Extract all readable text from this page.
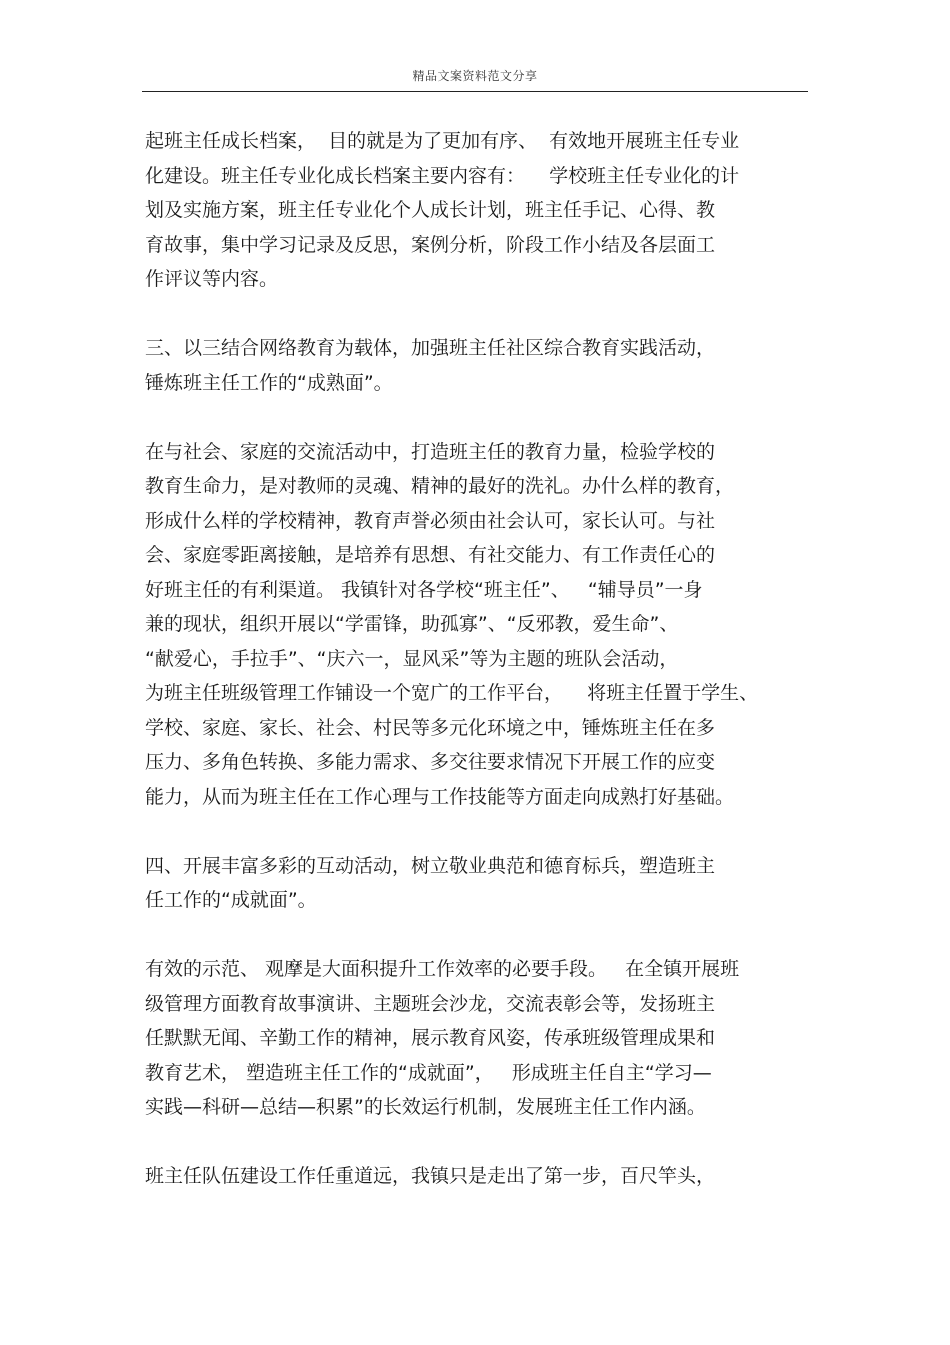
精品文案资料范文分享
起班主任成长档案，  目的就是为了更加有序、  有效地开展班主任专业
化建设。班主任专业化成长档案主要内容有：    学校班主任专业化的计
划及实施方案，班主任专业化个人成长计划，班主任手记、心得、教
育故事，集中学习记录及反思，案例分析，阶段工作小结及各层面工
作评议等内容。
三、以三结合网络教育为载体，加强班主任社区综合教育实践活动，
锤炼班主任工作的“成熟面”。
在与社会、家庭的交流活动中，打造班主任的教育力量，检验学校的
教育生命力，是对教师的灵魂、精神的最好的洗礼。办什么样的教育，
形成什么样的学校精神，教育声誉必须由社会认可，家长认可。与社
会、家庭零距离接触，是培养有思想、有社交能力、有工作责任心的
好班主任的有利渠道。 我镇针对各学校“班主任”、   “辅导员”一身
兼的现状，组织开展以“学雷锋，助孤寡”、“反邪教，爱生命”、
“献爱心，手拉手”、“庆六一，显风采”等为主题的班队会活动，
为班主任班级管理工作铺设一个宽广的工作平台，    将班主任置于学生、
学校、家庭、家长、社会、村民等多元化环境之中，锤炼班主任在多
压力、多角色转换、多能力需求、多交往要求情况下开展工作的应变
能力，从而为班主任在工作心理与工作技能等方面走向成熟打好基础。
四、开展丰富多彩的互动活动，树立敬业典范和德育标兵，塑造班主
任工作的“成就面”。
有效的示范、 观摩是大面积提升工作效率的必要手段。   在全镇开展班
级管理方面教育故事演讲、主题班会沙龙，交流表彰会等，发扬班主
任默默无闻、辛勤工作的精神，展示教育风姿，传承班级管理成果和
教育艺术， 塑造班主任工作的“成就面”，   形成班主任自主“学习—
实践—科研—总结—积累”的长效运行机制，发展班主任工作内涵。
班主任队伍建设工作任重道远，我镇只是走出了第一步，百尺竿头，
